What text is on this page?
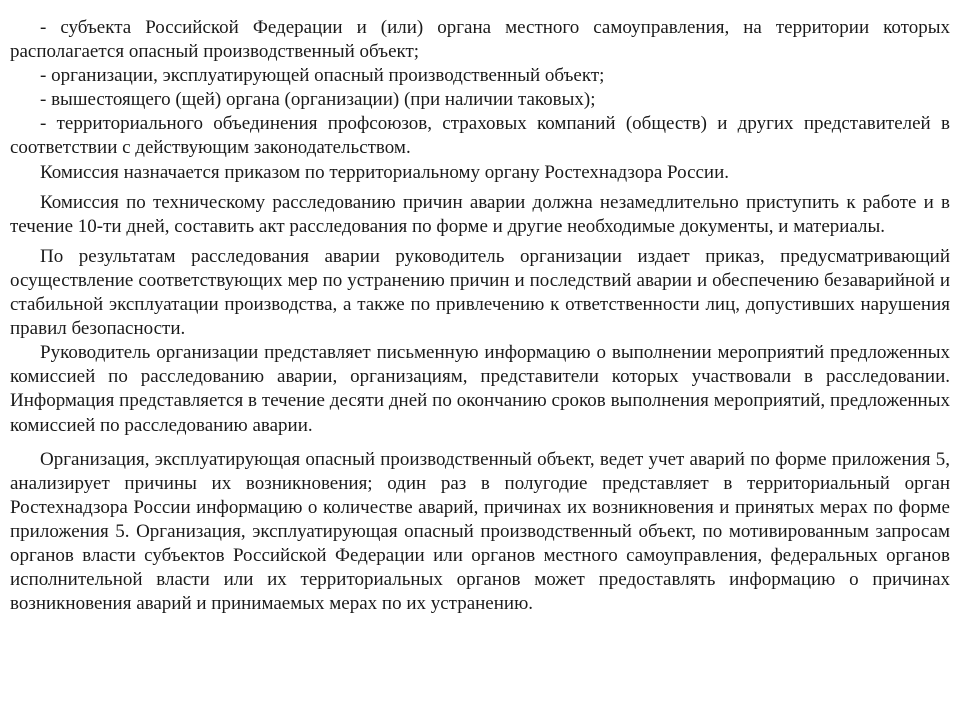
- субъекта Российской Федерации и (или) органа местного самоуправления, на территории которых располагается опасный производственный объект;

- организации, эксплуатирующей опасный производственный объект;

- вышестоящего (щей) органа (организации) (при наличии таковых);

- территориального объединения профсоюзов, страховых компаний (обществ) и других представителей в соответствии с действующим законодательством.

Комиссия назначается приказом по территориальному органу Ростехнадзора России.

Комиссия по техническому расследованию причин аварии должна незамедлительно приступить к работе и в течение 10-ти дней, составить акт расследования по форме и другие необходимые документы, и материалы.

По результатам расследования аварии руководитель организации издает приказ, предусматривающий осуществление соответствующих мер по устранению причин и последствий аварии и обеспечению безаварийной и стабильной эксплуатации производства, а также по привлечению к ответственности лиц, допустивших нарушения правил безопасности.

Руководитель организации представляет письменную информацию о выполнении мероприятий предложенных комиссией по расследованию аварии, организациям, представители которых участвовали в расследовании. Информация представляется в течение десяти дней по окончанию сроков выполнения мероприятий, предложенных комиссией по расследованию аварии.

Организация, эксплуатирующая опасный производственный объект, ведет учет аварий по форме приложения 5, анализирует причины их возникновения; один раз в полугодие представляет в территориальный орган Ростехнадзора России информацию о количестве аварий, причинах их возникновения и принятых мерах по форме приложения 5. Организация, эксплуатирующая опасный производственный объект, по мотивированным запросам органов власти субъектов Российской Федерации или органов местного самоуправления, федеральных органов исполнительной власти или их территориальных органов может предоставлять информацию о причинах возникновения аварий и принимаемых мерах по их устранению.
